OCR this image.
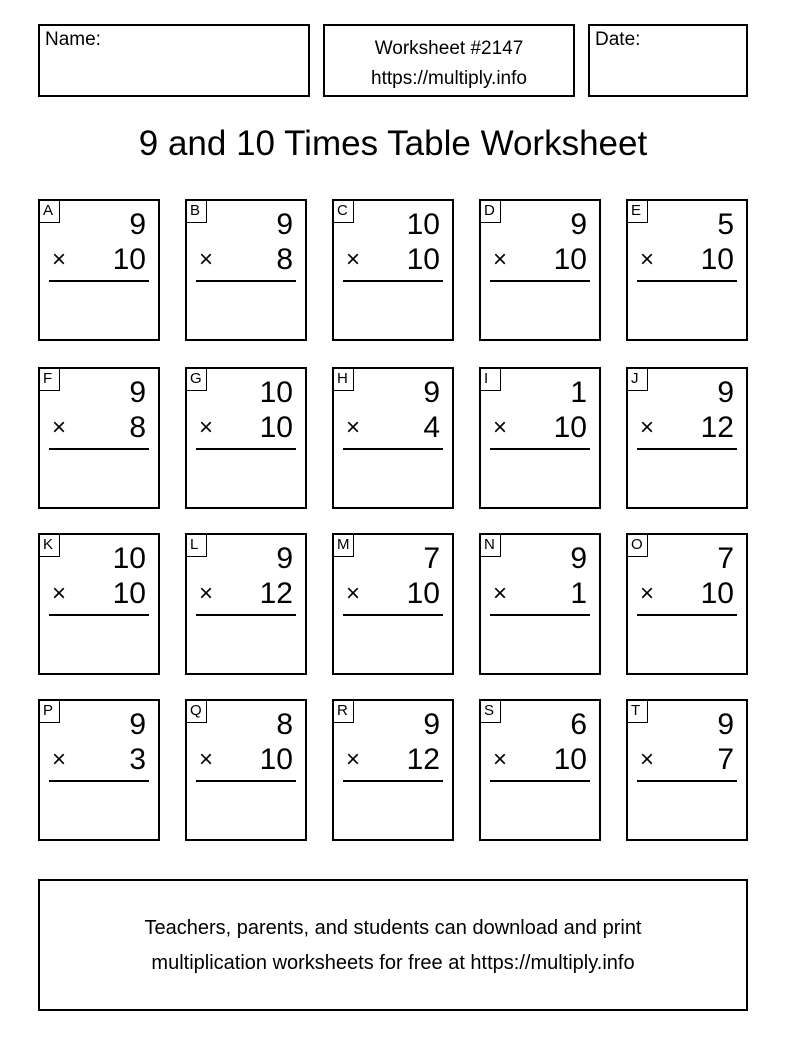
Name:	Worksheet #2147
https://multiply.info
Date:
9 and 10 Times Table Worksheet
A	9
× 10
B	9
× 8
C 10
× 10
D	9
× 10
E	5
× 10
F	9
× 8
G 10
× 10
H	9
× 4
I	1
× 10
J	9
× 12
K 10
× 10
L	9
× 12
M 7
× 10
N	9
× 1
O 7
× 10
P	9
× 3
Q 8
× 10
R	9
× 12
S	6
× 10
T	9
× 7
Teachers, parents, and students can download and print
multiplication worksheets for free at https://multiply.info
